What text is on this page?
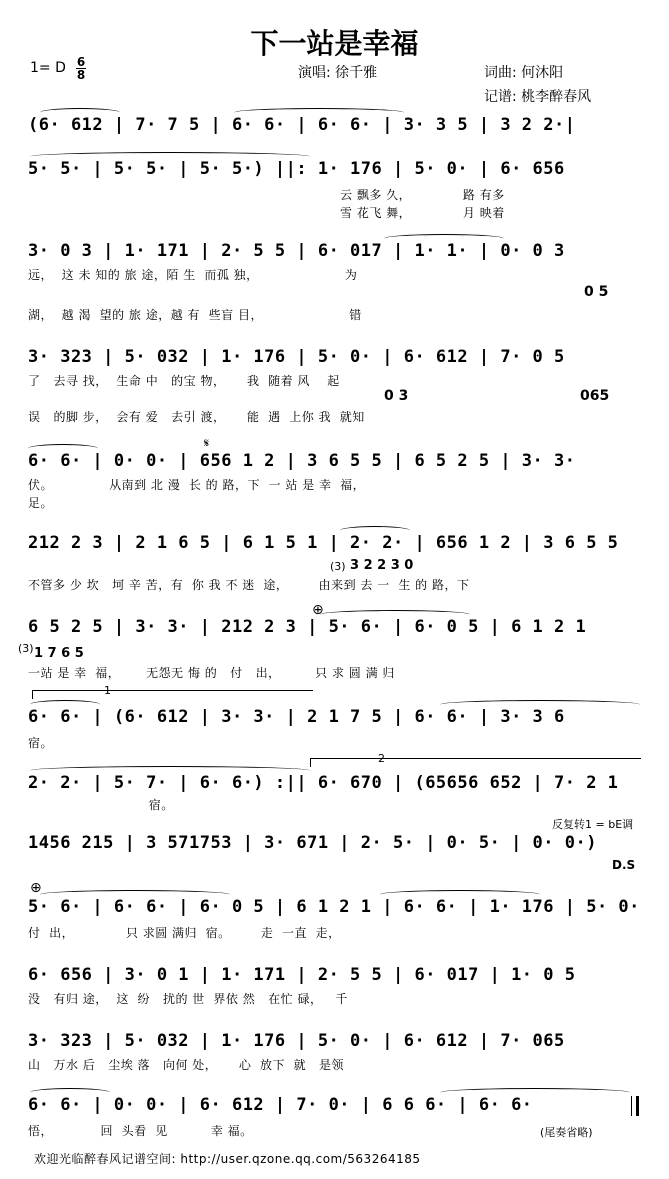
下一站是幸福
1= D 6
8	演唱: 徐千雅	词曲: 何沐阳
记谱: 桃李醉春风
(6· 612 | 7· 7 5 | 6· 6· | 6· 6· | 3· 3 5 | 3 2 2·|
5· 5· | 5· 5· | 5· 5·) ||: 1· 176 | 5· 0· | 6· 656
云 飘多 久，            路 有多
雪 花飞 舞，            月 映着
3· 0 3 | 1· 171 | 2· 5 5 | 6· 017 | 1· 1· | 0· 0 3
远，  这 未 知的 旅 途，陌 生  而孤 独，                    为
0 5
湖，  越 渴  望的 旅 途，越 有  些盲 目，                    错
3· 323 | 5· 032 | 1· 176 | 5· 0· | 6· 612 | 7· 0 5
了   去寻 找，  生命 中   的宝 物，     我  随着 风    起
0 3	065
误   的脚 步，  会有 爱   去引 渡，     能  遇  上你 我  就知
𝄋
6· 6· | 0· 0· | 656 1 2 | 3 6 5 5 | 6 5 2 5 | 3· 3·
伏。             从南到 北 漫  长 的 路，下  一 站 是 幸  福，
足。
212 2 3 | 2 1 6 5 | 6 1 5 1 | 2· 2· | 656 1 2 | 3 6 5 5
(3) 3 2 2 3 0
不管多 少 坎   坷 辛 苦，有  你 我 不 迷  途，       由来到 去 一  生 的 路，下
⊕
6 5 2 5 | 3· 3· | 212 2 3 | 5· 6· | 6· 0 5 | 6 1 2 1
(3) 1 7 6 5
一站 是 幸  福，      无怨无 悔 的   付   出，        只 求 圆 满 归
1
6· 6· | (6· 612 | 3· 3· | 2 1 7 5 | 6· 6· | 3· 3 6
宿。
2
2· 2· | 5· 7· | 6· 6·) :|| 6· 670 | (65656 652 | 7· 2 1
宿。
反复转1 = bE调
1456 215 | 3 571753 | 3· 671 | 2· 5· | 0· 5· | 0· 0·)
D.S
⊕
5· 6· | 6· 6· | 6· 0 5 | 6 1 2 1 | 6· 6· | 1· 176 | 5· 0·
付  出，            只 求圆 满归  宿。       走  一直  走，
6· 656 | 3· 0 1 | 1· 171 | 2· 5 5 | 6· 017 | 1· 0 5
没   有归 途，  这  纷   扰的 世  界依 然   在忙 碌，   千
3· 323 | 5· 032 | 1· 176 | 5· 0· | 6· 612 | 7· 065
山   万水 后   尘埃 落   向何 处，     心  放下  就   是领
6· 6· | 0· 0· | 6· 612 | 7· 0· | 6 6 6· | 6· 6·
悟，           回  头看  见          幸 福。	(尾奏省略)
欢迎光临醉春风记谱空间: http://user.qzone.qq.com/563264185
